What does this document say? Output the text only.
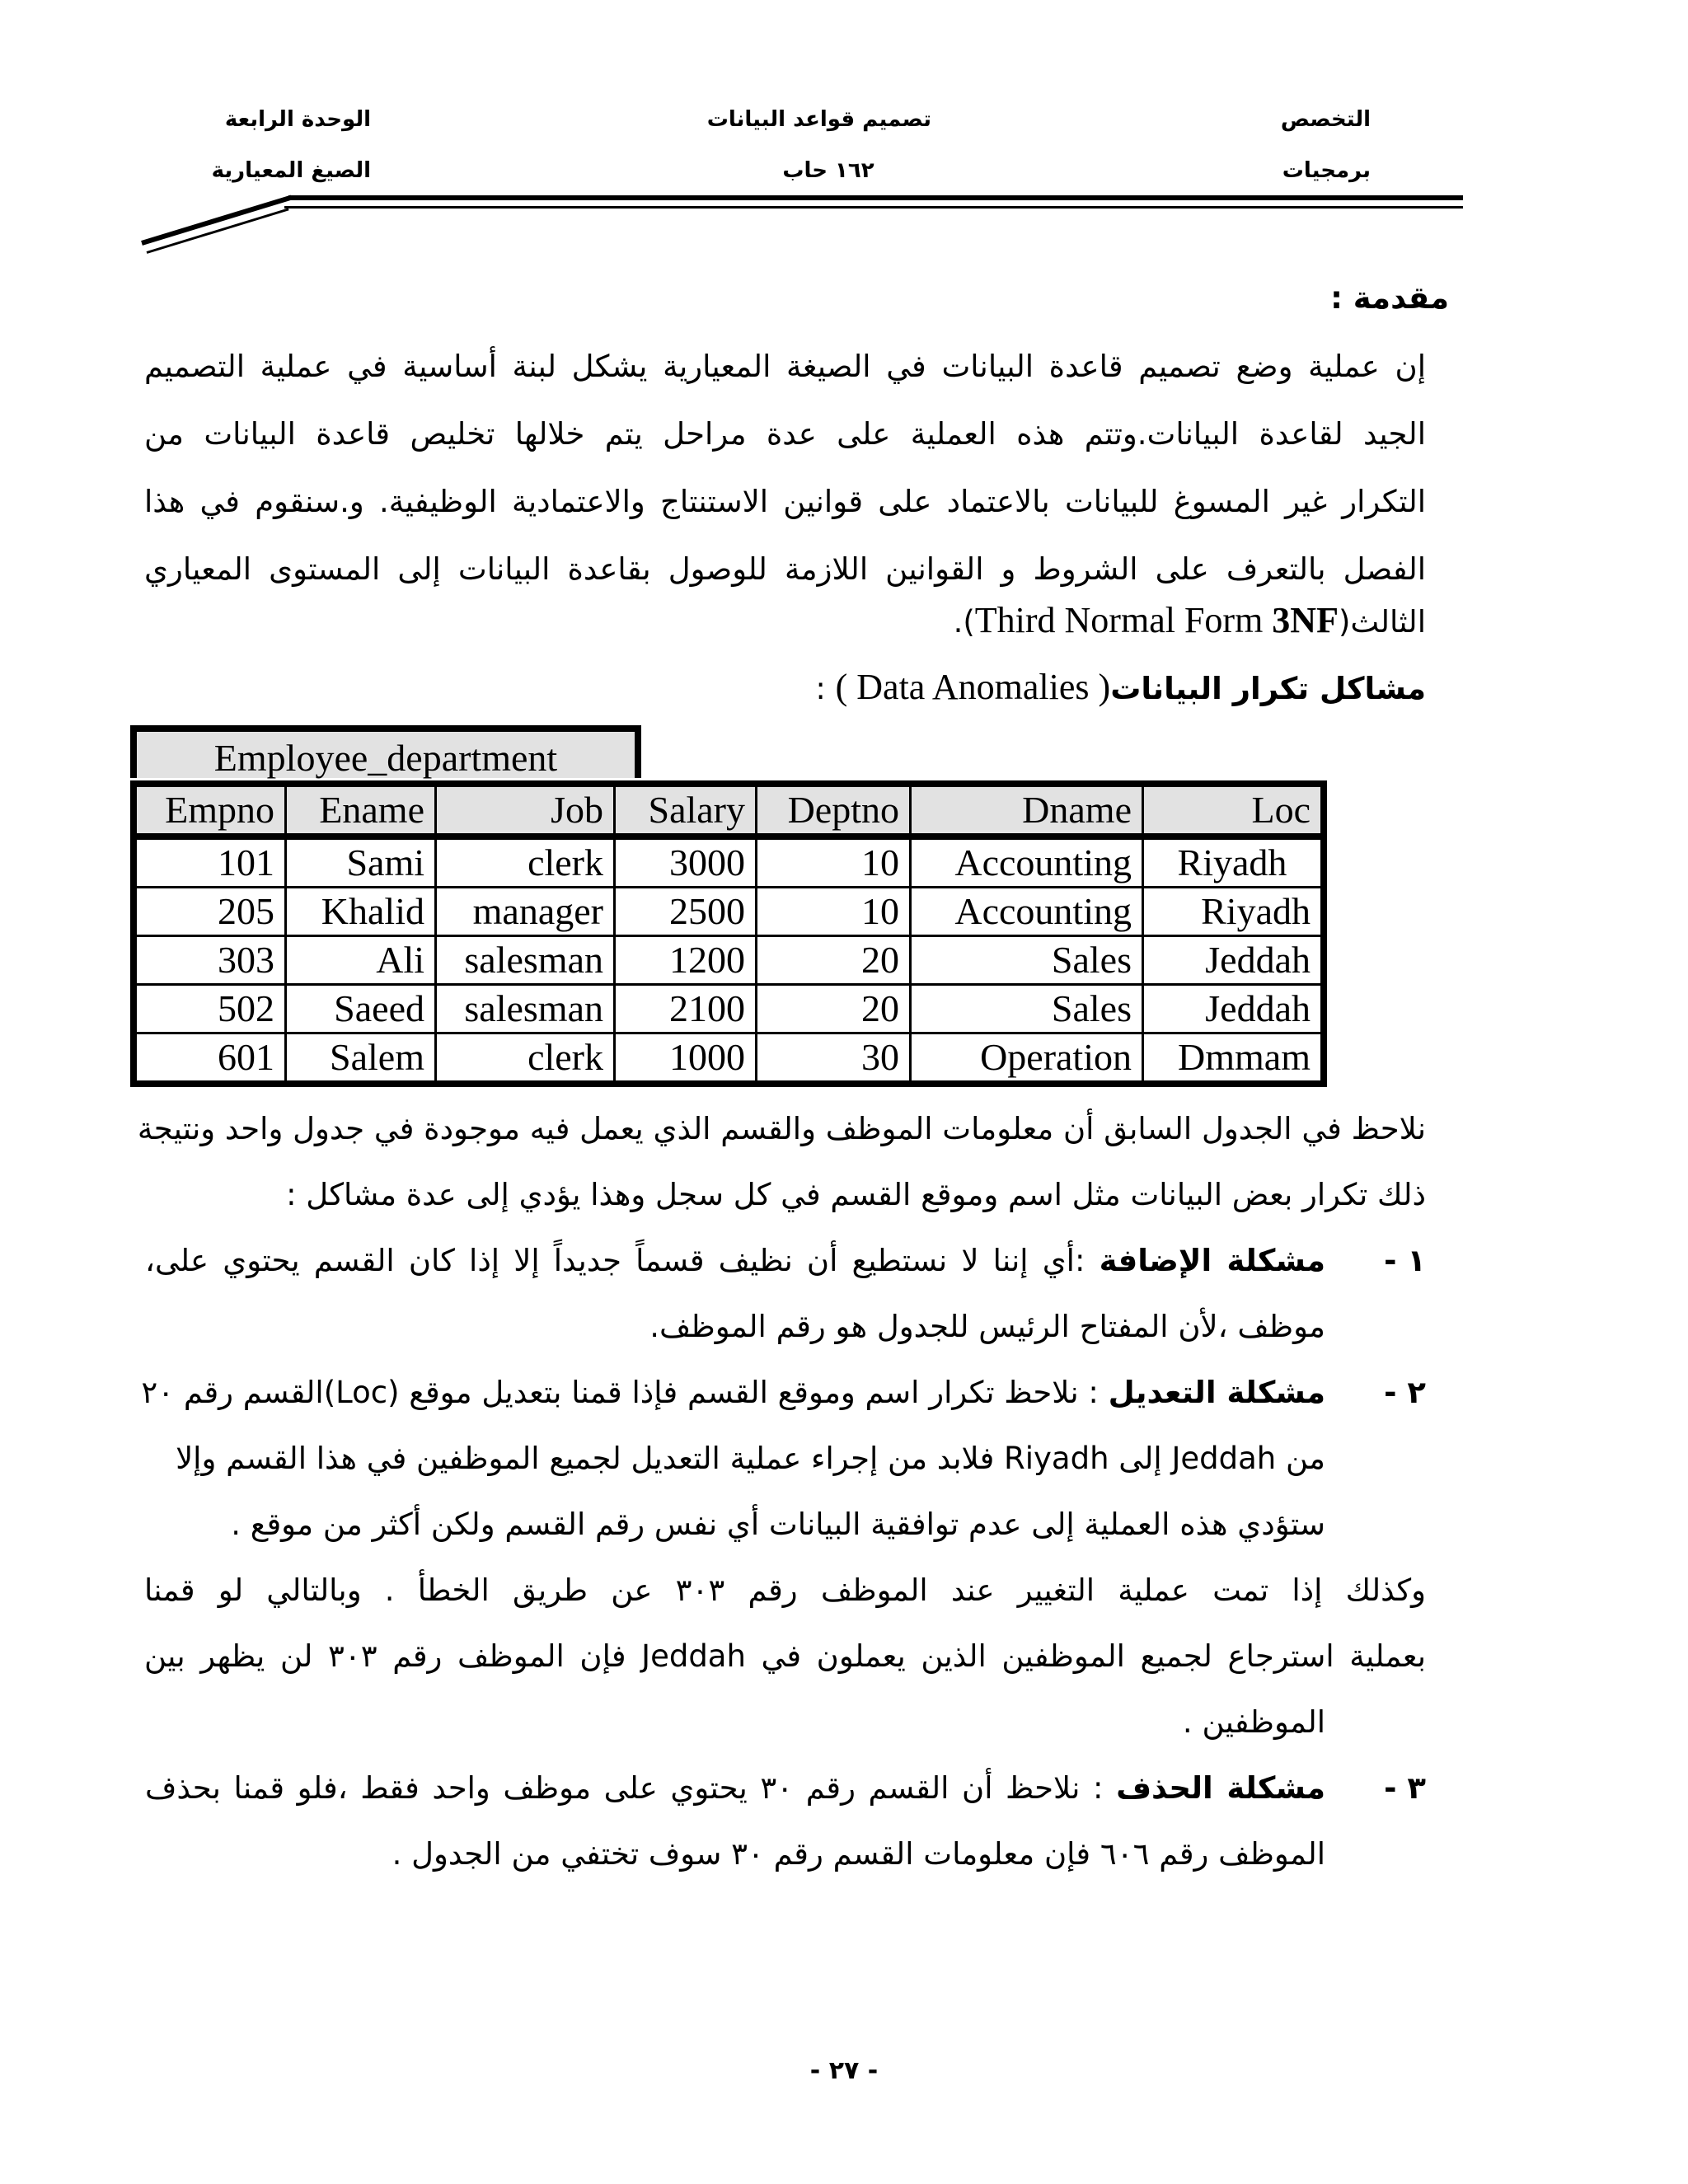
التخصص
برمجيات
تصميم قواعد البيانات
١٦٢ حاب
الوحدة الرابعة
الصيغ المعيارية
مقدمة :
إن عملية وضع تصميم قاعدة البيانات في الصيغة المعيارية يشكل لبنة أساسية في عملية التصميم
الجيد لقاعدة البيانات.وتتم هذه العملية على عدة مراحل يتم خلالها تخليص قاعدة البيانات من
التكرار غير المسوغ للبيانات بالاعتماد على قوانين الاستنتاج والاعتمادية الوظيفية. و.سنقوم في هذا
الفصل بالتعرف على الشروط و القوانين اللازمة للوصول بقاعدة البيانات إلى المستوى المعياري
الثالث(Third Normal Form 3NF).
مشاكل تكرار البيانات( Data Anomalies ) :
Employee_department
Empno	Ename	Job	Salary	Deptno	Dname	Loc
101	Sami	clerk	3000	10	Accounting	Riyadh
205	Khalid	manager	2500	10	Accounting	Riyadh
303	Ali	salesman	1200	20	Sales	Jeddah
502	Saeed	salesman	2100	20	Sales	Jeddah
601	Salem	clerk	1000	30	Operation	Dmmam
نلاحظ في الجدول السابق أن معلومات الموظف والقسم الذي يعمل فيه موجودة في جدول واحد ونتيجة
ذلك تكرار بعض البيانات مثل اسم وموقع القسم في كل سجل وهذا يؤدي إلى عدة مشاكل :
١ -
مشكلة الإضافة :أي إننا لا نستطيع أن نظيف قسماً جديداً إلا إذا كان القسم يحتوي على،
موظف ،لأن المفتاح الرئيس للجدول هو رقم الموظف.
٢ -
مشكلة التعديل : نلاحظ تكرار اسم وموقع القسم فإذا قمنا بتعديل موقع (Loc)القسم رقم ٢٠
من Jeddah إلى Riyadh فلابد من إجراء عملية التعديل لجميع الموظفين في هذا القسم وإلا
ستؤدي هذه العملية إلى عدم توافقية البيانات أي نفس رقم القسم ولكن أكثر من موقع .
وكذلك إذا تمت عملية التغيير عند الموظف رقم ٣٠٣ عن طريق الخطأ . وبالتالي لو قمنا
بعملية استرجاع لجميع الموظفين الذين يعملون في Jeddah فإن الموظف رقم ٣٠٣ لن يظهر بين
الموظفين .
٣ -
مشكلة الحذف : نلاحظ أن القسم رقم ٣٠ يحتوي على موظف واحد فقط ،فلو قمنا بحذف
الموظف رقم ٦٠٦ فإن معلومات القسم رقم ٣٠ سوف تختفي من الجدول .
- ٢٧ -
